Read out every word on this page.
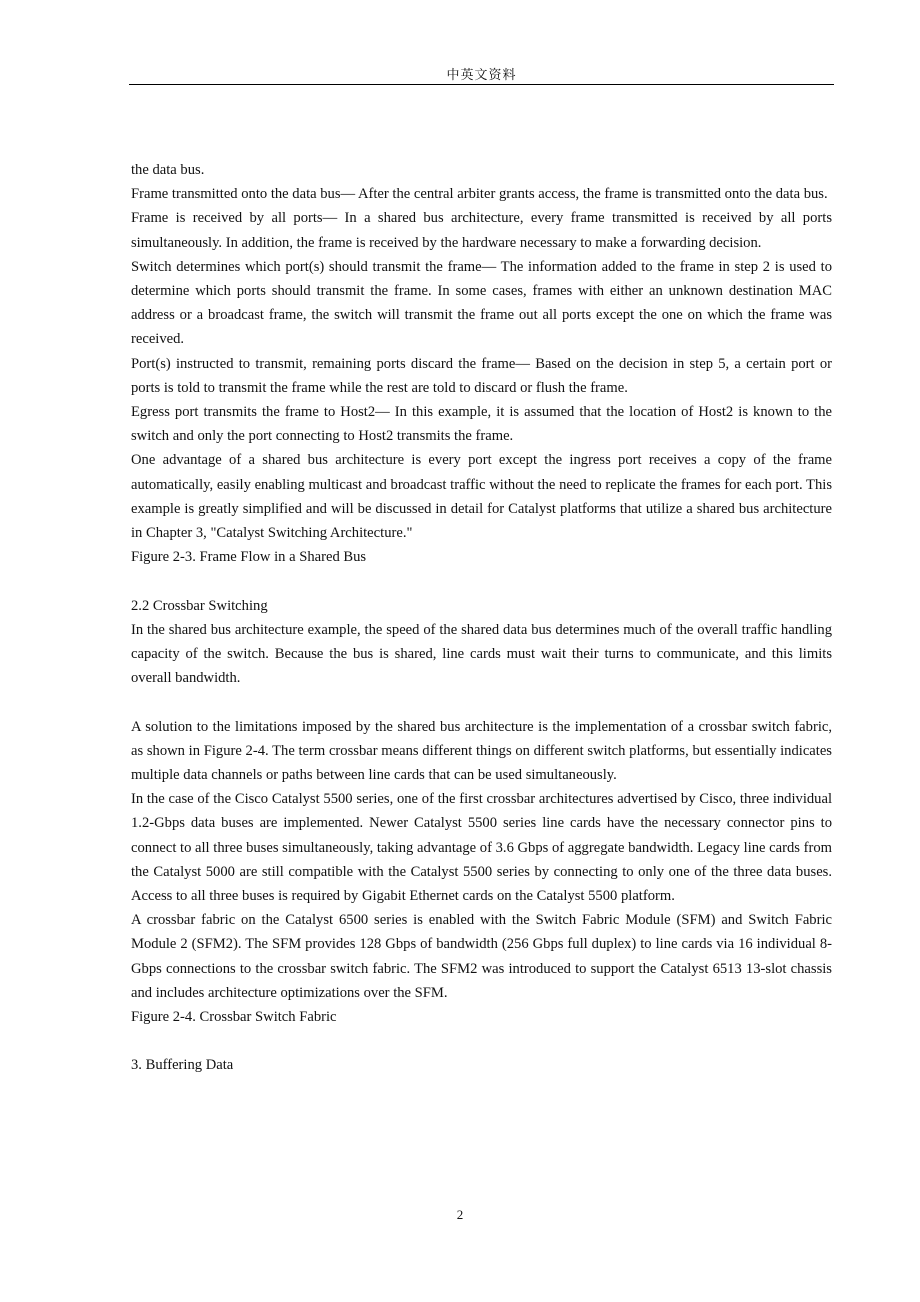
中英文资料

the data bus.

Frame transmitted onto the data bus— After the central arbiter grants access, the frame is transmitted onto the data bus.

Frame is received by all ports— In a shared bus architecture, every frame transmitted is received by all ports simultaneously. In addition, the frame is received by the hardware necessary to make a forwarding decision.

Switch determines which port(s) should transmit the frame— The information added to the frame in step 2 is used to determine which ports should transmit the frame. In some cases, frames with either an unknown destination MAC address or a broadcast frame, the switch will transmit the frame out all ports except the one on which the frame was received.

Port(s) instructed to transmit, remaining ports discard the frame— Based on the decision in step 5, a certain port or ports is told to transmit the frame while the rest are told to discard or flush the frame.

Egress port transmits the frame to Host2— In this example, it is assumed that the location of Host2 is known to the switch and only the port connecting to Host2 transmits the frame.

One advantage of a shared bus architecture is every port except the ingress port receives a copy of the frame automatically, easily enabling multicast and broadcast traffic without the need to replicate the frames for each port. This example is greatly simplified and will be discussed in detail for Catalyst platforms that utilize a shared bus architecture in Chapter 3, "Catalyst Switching Architecture."

Figure 2-3. Frame Flow in a Shared Bus

2.2 Crossbar Switching

In the shared bus architecture example, the speed of the shared data bus determines much of the overall traffic handling capacity of the switch. Because the bus is shared, line cards must wait their turns to communicate, and this limits overall bandwidth.

A solution to the limitations imposed by the shared bus architecture is the implementation of a crossbar switch fabric, as shown in Figure 2-4. The term crossbar means different things on different switch platforms, but essentially indicates multiple data channels or paths between line cards that can be used simultaneously.

In the case of the Cisco Catalyst 5500 series, one of the first crossbar architectures advertised by Cisco, three individual 1.2-Gbps data buses are implemented. Newer Catalyst 5500 series line cards have the necessary connector pins to connect to all three buses simultaneously, taking advantage of 3.6 Gbps of aggregate bandwidth. Legacy line cards from the Catalyst 5000 are still compatible with the Catalyst 5500 series by connecting to only one of the three data buses. Access to all three buses is required by Gigabit Ethernet cards on the Catalyst 5500 platform.

A crossbar fabric on the Catalyst 6500 series is enabled with the Switch Fabric Module (SFM) and Switch Fabric Module 2 (SFM2). The SFM provides 128 Gbps of bandwidth (256 Gbps full duplex) to line cards via 16 individual 8-Gbps connections to the crossbar switch fabric. The SFM2 was introduced to support the Catalyst 6513 13-slot chassis and includes architecture optimizations over the SFM.

Figure 2-4. Crossbar Switch Fabric

3. Buffering Data

2
